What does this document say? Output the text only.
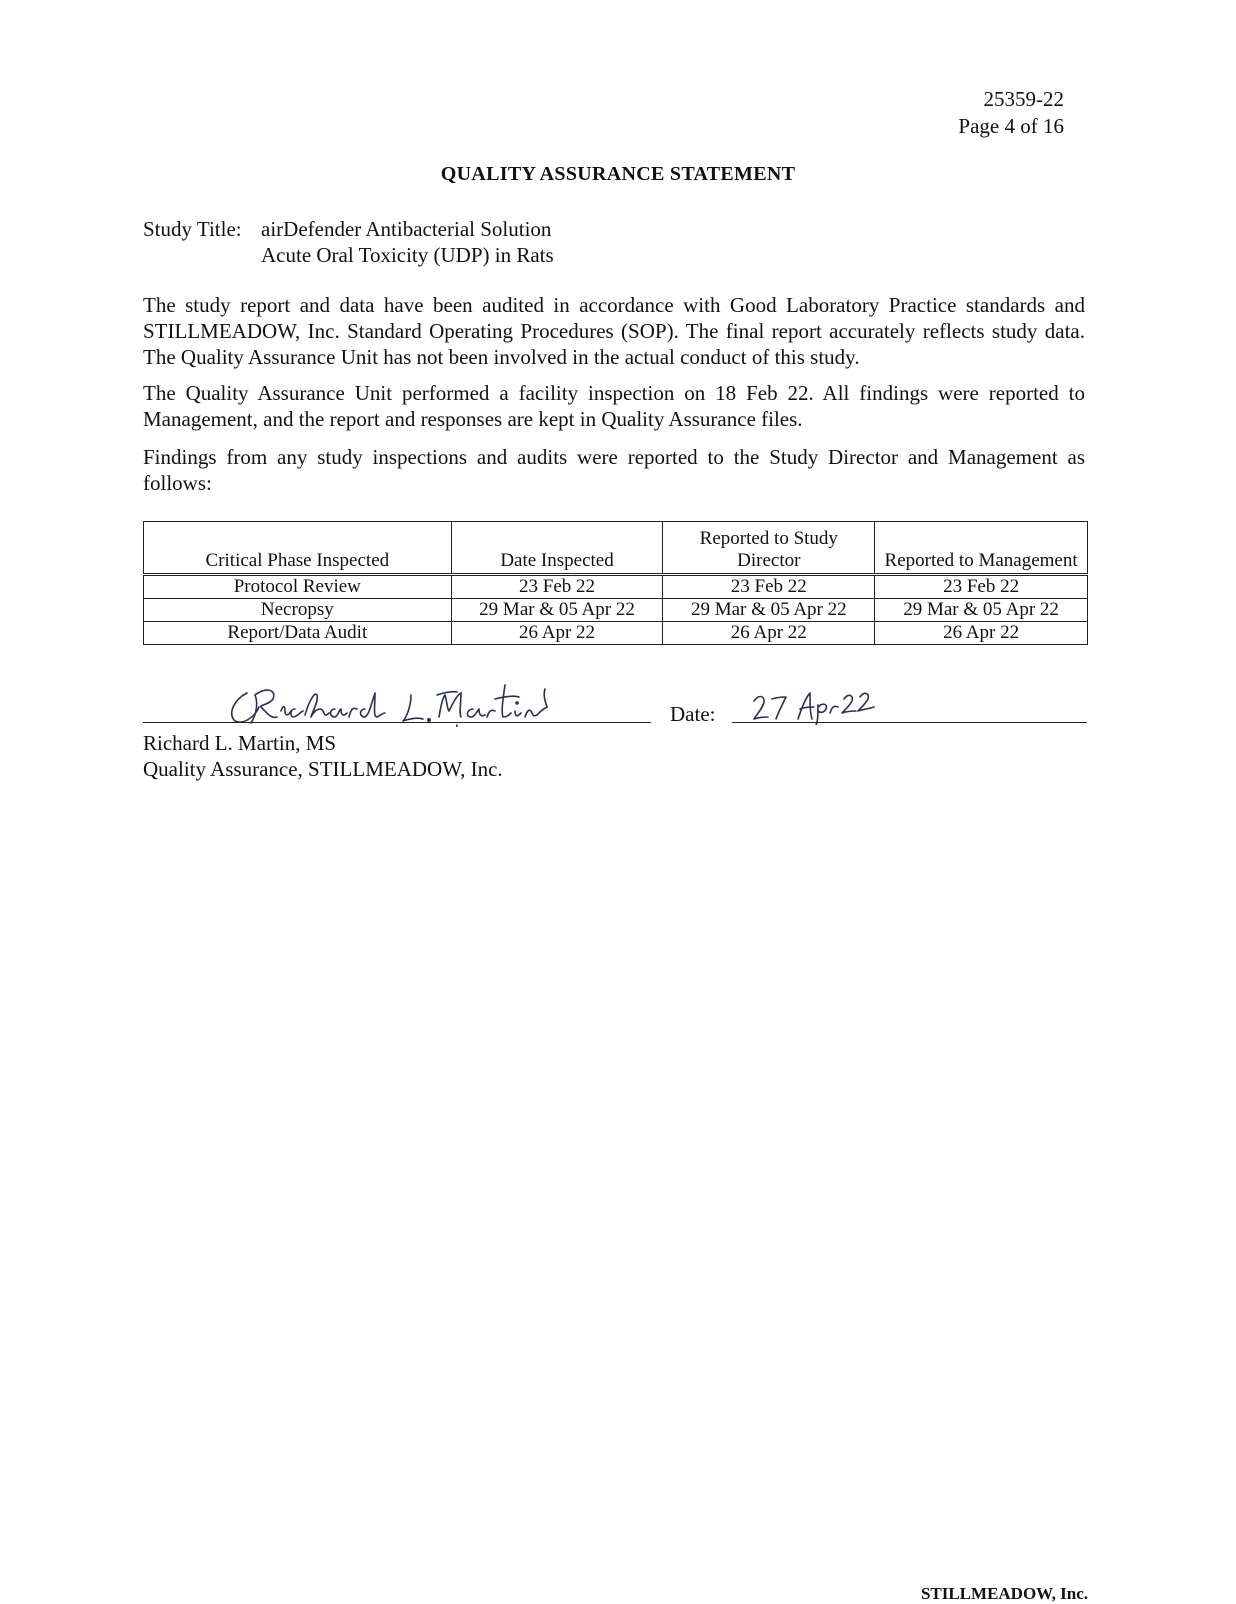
25359-22
Page 4 of 16
QUALITY ASSURANCE STATEMENT
Study Title: airDefender Antibacterial Solution
Acute Oral Toxicity (UDP) in Rats
The study report and data have been audited in accordance with Good Laboratory Practice standards and STILLMEADOW, Inc. Standard Operating Procedures (SOP). The final report accurately reflects study data. The Quality Assurance Unit has not been involved in the actual conduct of this study.
The Quality Assurance Unit performed a facility inspection on 18 Feb 22. All findings were reported to Management, and the report and responses are kept in Quality Assurance files.
Findings from any study inspections and audits were reported to the Study Director and Management as follows:
Critical Phase Inspected	Date Inspected	Reported to Study Director	Reported to Management
Protocol Review	23 Feb 22	23 Feb 22	23 Feb 22
Necropsy	29 Mar & 05 Apr 22	29 Mar & 05 Apr 22	29 Mar & 05 Apr 22
Report/Data Audit	26 Apr 22	26 Apr 22	26 Apr 22
Richard L. Martin, MS
Quality Assurance, STILLMEADOW, Inc.
Date:
STILLMEADOW, Inc.
